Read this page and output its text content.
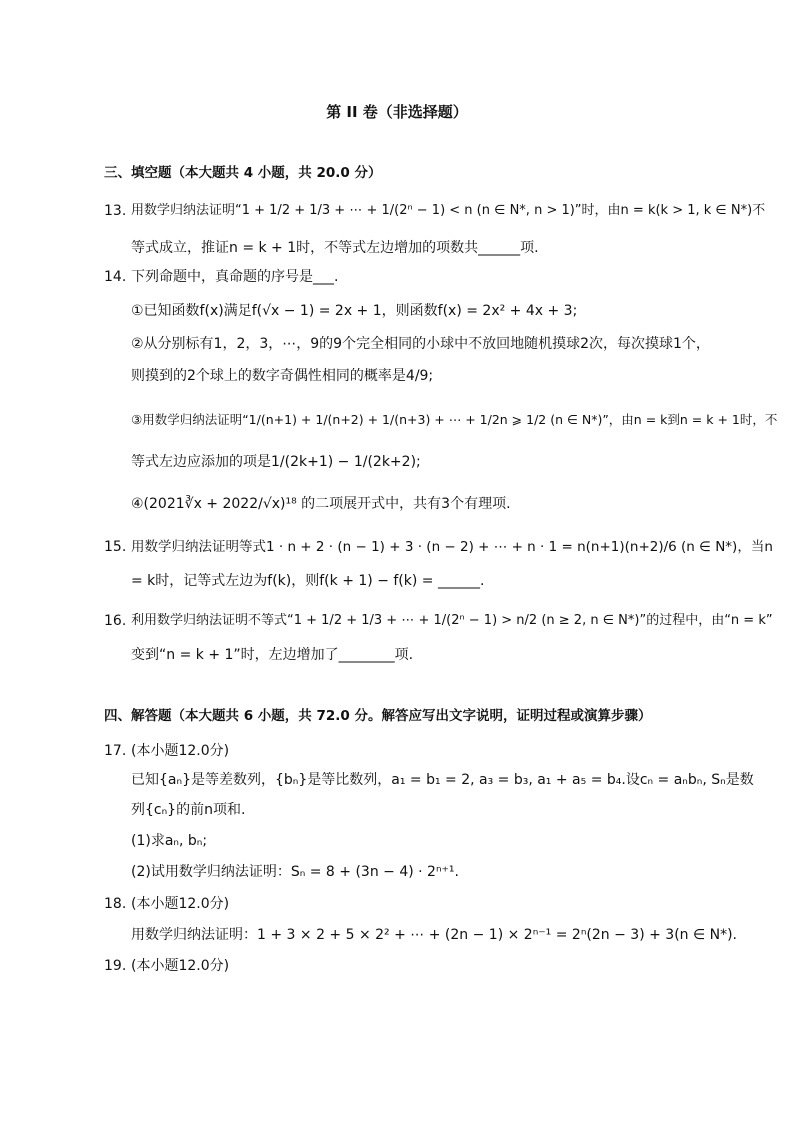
第 II 卷（非选择题）
三、填空题（本大题共 4 小题，共 20.0 分）
13. 用数学归纳法证明“1 + 1/2 + 1/3 + ⋯ + 1/(2ⁿ − 1) < n (n ∈ N*, n > 1)”时，由n = k(k > 1, k ∈ N*)不
等式成立，推证n = k + 1时，不等式左边增加的项数共______项.
14. 下列命题中，真命题的序号是___.
①已知函数f(x)满足f(√x − 1) = 2x + 1，则函数f(x) = 2x² + 4x + 3;
②从分别标有1，2，3，⋯，9的9个完全相同的小球中不放回地随机摸球2次，每次摸球1个，
则摸到的2个球上的数字奇偶性相同的概率是4/9;
③用数学归纳法证明“1/(n+1) + 1/(n+2) + 1/(n+3) + ⋯ + 1/2n ⩾ 1/2 (n ∈ N*)”，由n = k到n = k + 1时，不
等式左边应添加的项是1/(2k+1) − 1/(2k+2);
④(2021∛x + 2022/√x)¹⁸ 的二项展开式中，共有3个有理项.
15. 用数学归纳法证明等式1 · n + 2 · (n − 1) + 3 · (n − 2) + ⋯ + n · 1 = n(n+1)(n+2)/6 (n ∈ N*)，当n
= k时，记等式左边为f(k)，则f(k + 1) − f(k) = ______.
16. 利用数学归纳法证明不等式“1 + 1/2 + 1/3 + ⋯ + 1/(2ⁿ − 1) > n/2 (n ≥ 2, n ∈ N*)”的过程中，由“n = k”
变到“n = k + 1”时，左边增加了________项.
四、解答题（本大题共 6 小题，共 72.0 分。解答应写出文字说明，证明过程或演算步骤）
17. (本小题12.0分)
已知{aₙ}是等差数列，{bₙ}是等比数列，a₁ = b₁ = 2, a₃ = b₃, a₁ + a₅ = b₄.设cₙ = aₙbₙ, Sₙ是数
列{cₙ}的前n项和.
(1)求aₙ, bₙ;
(2)试用数学归纳法证明：Sₙ = 8 + (3n − 4) · 2ⁿ⁺¹.
18. (本小题12.0分)
用数学归纳法证明：1 + 3 × 2 + 5 × 2² + ⋯ + (2n − 1) × 2ⁿ⁻¹ = 2ⁿ(2n − 3) + 3(n ∈ N*).
19. (本小题12.0分)
